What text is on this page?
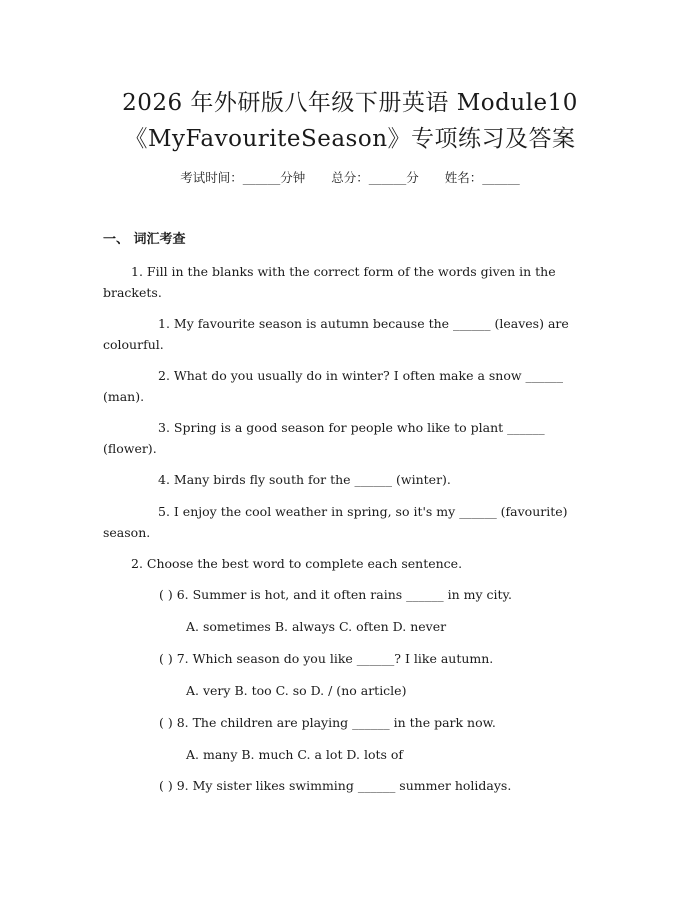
2026 年外研版八年级下册英语 Module10
《MyFavouriteSeason》专项练习及答案
考试时间：______分钟 总分：______分 姓名：______
一、 词汇考查
1. Fill in the blanks with the correct form of the words given in the brackets.
1. My favourite season is autumn because the ______ (leaves) are colourful.
2. What do you usually do in winter? I often make a snow ______ (man).
3. Spring is a good season for people who like to plant ______ (flower).
4. Many birds fly south for the ______ (winter).
5. I enjoy the cool weather in spring, so it's my ______ (favourite) season.
2. Choose the best word to complete each sentence.
( ) 6. Summer is hot, and it often rains ______ in my city.
A. sometimes B. always C. often D. never
( ) 7. Which season do you like ______? I like autumn.
A. very B. too C. so D. / (no article)
( ) 8. The children are playing ______ in the park now.
A. many B. much C. a lot D. lots of
( ) 9. My sister likes swimming ______ summer holidays.
